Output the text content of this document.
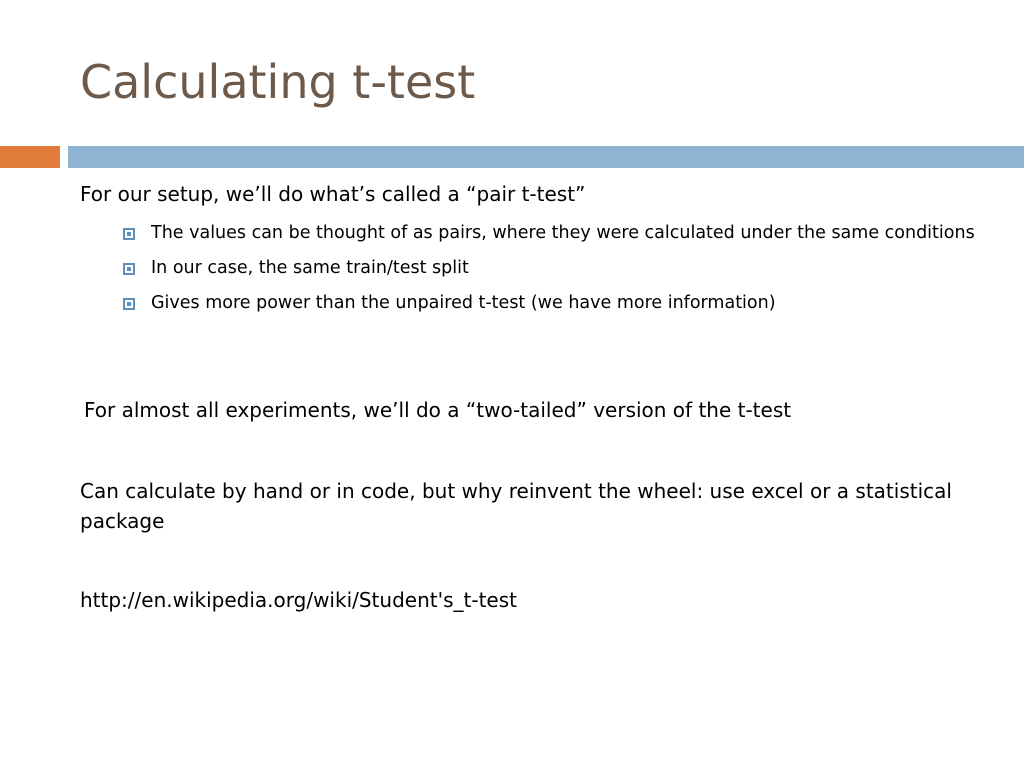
Calculating t-test

For our setup, we’ll do what’s called a “pair t-test”

The values can be thought of as pairs, where they were calculated under the same conditions
In our case, the same train/test split
Gives more power than the unpaired t-test (we have more information)

For almost all experiments, we’ll do a “two-tailed” version of the t-test

Can calculate by hand or in code, but why reinvent the wheel: use excel or a statistical package

http://en.wikipedia.org/wiki/Student's_t-test
